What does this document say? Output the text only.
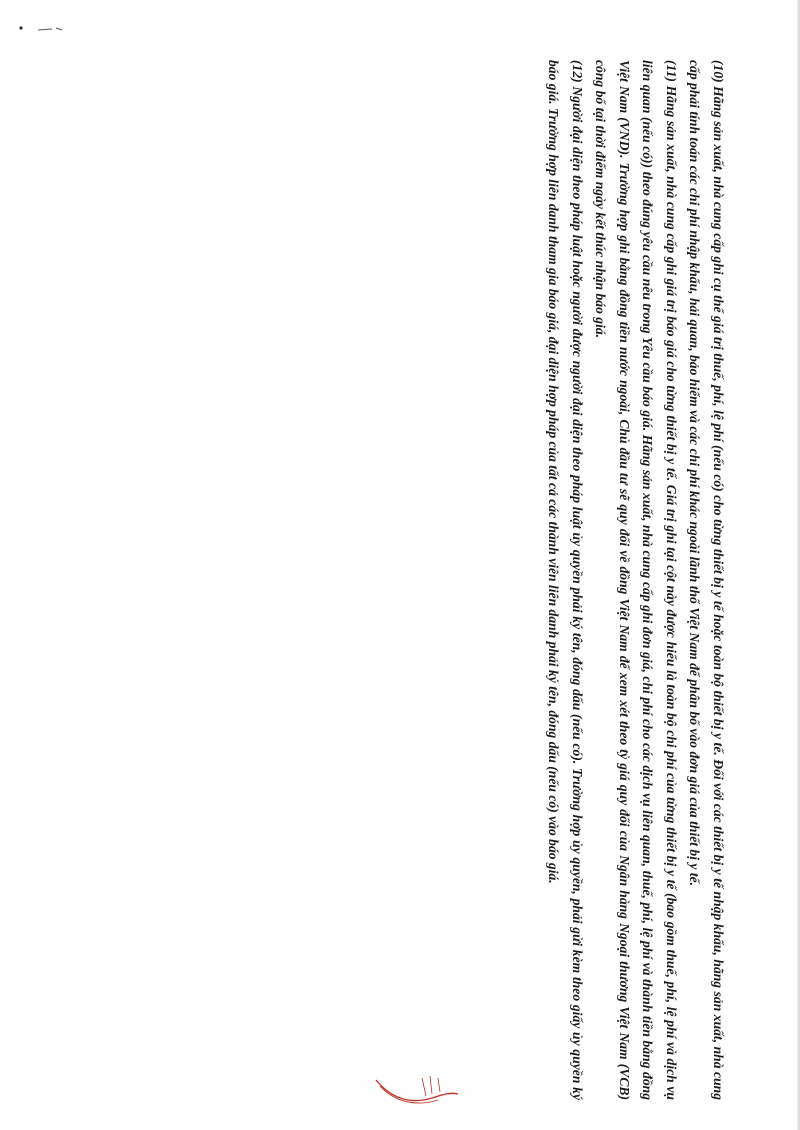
(10) Hãng sản xuất, nhà cung cấp ghi cụ thể giá trị thuế, phí, lệ phí (nếu có) cho từng thiết bị y tế hoặc toàn bộ thiết bị y tế. Đối với các thiết bị y tế nhập khẩu, hãng sản xuất, nhà cung cấp phải tính toán các chi phí nhập khẩu, hải quan, bảo hiểm và các chi phí khác ngoài lãnh thổ Việt Nam để phân bổ vào đơn giá của thiết bị y tế.

(11) Hãng sản xuất, nhà cung cấp ghi giá trị báo giá cho từng thiết bị y tế. Giá trị ghi tại cột này được hiểu là toàn bộ chi phí của từng thiết bị y tế (bao gồm thuế, phí, lệ phí và dịch vụ liên quan (nếu có)) theo đúng yêu cầu nêu trong Yêu cầu báo giá. Hãng sản xuất, nhà cung cấp ghi đơn giá, chi phí cho các dịch vụ liên quan, thuế, phí, lệ phí và thành tiền bằng đồng Việt Nam (VND). Trường hợp ghi bằng đồng tiền nước ngoài, Chủ đầu tư sẽ quy đổi về đồng Việt Nam để xem xét theo tỷ giá quy đổi của Ngân hàng Ngoại thương Việt Nam (VCB) công bố tại thời điểm ngày kết thúc nhận báo giá.

(12) Người đại diện theo pháp luật hoặc người được người đại diện theo pháp luật ủy quyền phải ký tên, đóng dấu (nếu có). Trường hợp ủy quyền, phải gửi kèm theo giấy ủy quyền ký báo giá. Trường hợp liên danh tham gia báo giá, đại diện hợp pháp của tất cả các thành viên liên danh phải ký tên, đóng dấu (nếu có) vào báo giá.
